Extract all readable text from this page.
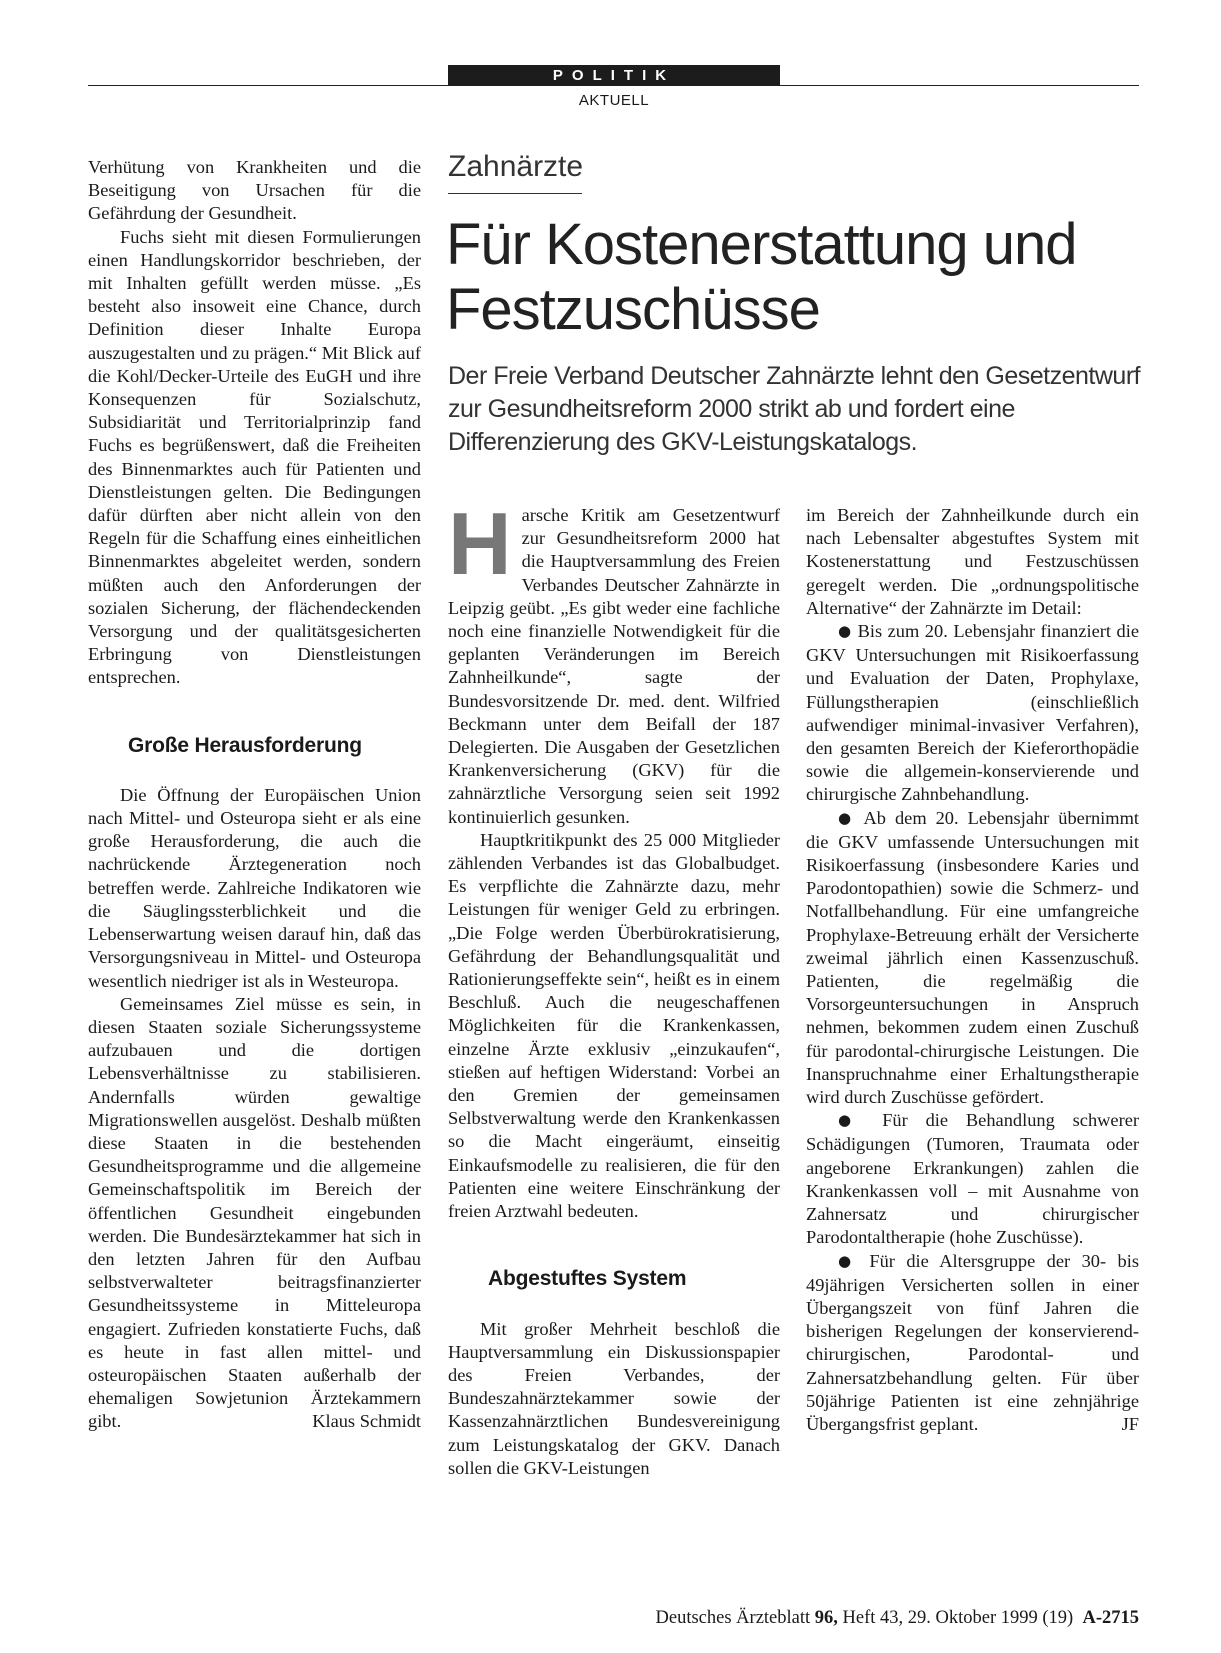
POLITIK
AKTUELL

Verhütung von Krankheiten und die Beseitigung von Ursachen für die Gefährdung der Gesundheit.

Fuchs sieht mit diesen Formulierungen einen Handlungskorridor beschrieben, der mit Inhalten gefüllt werden müsse. „Es besteht also insoweit eine Chance, durch Definition dieser Inhalte Europa auszugestalten und zu prägen.“ Mit Blick auf die Kohl/Decker-Urteile des EuGH und ihre Konsequenzen für Sozialschutz, Subsidiarität und Territorialprinzip fand Fuchs es begrüßenswert, daß die Freiheiten des Binnenmarktes auch für Patienten und Dienstleistungen gelten. Die Bedingungen dafür dürften aber nicht allein von den Regeln für die Schaffung eines einheitlichen Binnenmarktes abgeleitet werden, sondern müßten auch den Anforderungen der sozialen Sicherung, der flächendeckenden Versorgung und der qualitätsgesicherten Erbringung von Dienstleistungen entsprechen.

Große Herausforderung

Die Öffnung der Europäischen Union nach Mittel- und Osteuropa sieht er als eine große Herausforderung, die auch die nachrückende Ärztegeneration noch betreffen werde. Zahlreiche Indikatoren wie die Säuglingssterblichkeit und die Lebenserwartung weisen darauf hin, daß das Versorgungsniveau in Mittel- und Osteuropa wesentlich niedriger ist als in Westeuropa.

Gemeinsames Ziel müsse es sein, in diesen Staaten soziale Sicherungssysteme aufzubauen und die dortigen Lebensverhältnisse zu stabilisieren. Andernfalls würden gewaltige Migrationswellen ausgelöst. Deshalb müßten diese Staaten in die bestehenden Gesundheitsprogramme und die allgemeine Gemeinschaftspolitik im Bereich der öffentlichen Gesundheit eingebunden werden. Die Bundesärztekammer hat sich in den letzten Jahren für den Aufbau selbstverwalteter beitragsfinanzierter Gesundheitssysteme in Mitteleuropa engagiert. Zufrieden konstatierte Fuchs, daß es heute in fast allen mittel- und osteuropäischen Staaten außerhalb der ehemaligen Sowjetunion Ärztekammern gibt.	Klaus Schmidt

Zahnärzte
Für Kostenerstattung und Festzuschüsse
Der Freie Verband Deutscher Zahnärzte lehnt den Gesetzentwurf zur Gesundheitsreform 2000 strikt ab und fordert eine Differenzierung des GKV-Leistungskatalogs.

Harsche Kritik am Gesetzentwurf zur Gesundheitsreform 2000 hat die Hauptversammlung des Freien Verbandes Deutscher Zahnärzte in Leipzig geübt. „Es gibt weder eine fachliche noch eine finanzielle Notwendigkeit für die geplanten Veränderungen im Bereich Zahnheilkunde“, sagte der Bundesvorsitzende Dr. med. dent. Wilfried Beckmann unter dem Beifall der 187 Delegierten. Die Ausgaben der Gesetzlichen Krankenversicherung (GKV) für die zahnärztliche Versorgung seien seit 1992 kontinuierlich gesunken.

Hauptkritikpunkt des 25 000 Mitglieder zählenden Verbandes ist das Globalbudget. Es verpflichte die Zahnärzte dazu, mehr Leistungen für weniger Geld zu erbringen. „Die Folge werden Überbürokratisierung, Gefährdung der Behandlungsqualität und Rationierungseffekte sein“, heißt es in einem Beschluß. Auch die neugeschaffenen Möglichkeiten für die Krankenkassen, einzelne Ärzte exklusiv „einzukaufen“, stießen auf heftigen Widerstand: Vorbei an den Gremien der gemeinsamen Selbstverwaltung werde den Krankenkassen so die Macht eingeräumt, einseitig Einkaufsmodelle zu realisieren, die für den Patienten eine weitere Einschränkung der freien Arztwahl bedeuten.

Abgestuftes System

Mit großer Mehrheit beschloß die Hauptversammlung ein Diskussionspapier des Freien Verbandes, der Bundeszahnärztekammer sowie der Kassenzahnärztlichen Bundesvereinigung zum Leistungskatalog der GKV. Danach sollen die GKV-Leistungen

im Bereich der Zahnheilkunde durch ein nach Lebensalter abgestuftes System mit Kostenerstattung und Festzuschüssen geregelt werden. Die „ordnungspolitische Alternative“ der Zahnärzte im Detail:

● Bis zum 20. Lebensjahr finanziert die GKV Untersuchungen mit Risikoerfassung und Evaluation der Daten, Prophylaxe, Füllungstherapien (einschließlich aufwendiger minimal-invasiver Verfahren), den gesamten Bereich der Kieferorthopädie sowie die allgemein-konservierende und chirurgische Zahnbehandlung.

● Ab dem 20. Lebensjahr übernimmt die GKV umfassende Untersuchungen mit Risikoerfassung (insbesondere Karies und Parodontopathien) sowie die Schmerz- und Notfallbehandlung. Für eine umfangreiche Prophylaxe-Betreuung erhält der Versicherte zweimal jährlich einen Kassenzuschuß. Patienten, die regelmäßig die Vorsorgeuntersuchungen in Anspruch nehmen, bekommen zudem einen Zuschuß für parodontal-chirurgische Leistungen. Die Inanspruchnahme einer Erhaltungstherapie wird durch Zuschüsse gefördert.

● Für die Behandlung schwerer Schädigungen (Tumoren, Traumata oder angeborene Erkrankungen) zahlen die Krankenkassen voll – mit Ausnahme von Zahnersatz und chirurgischer Parodontaltherapie (hohe Zuschüsse).

● Für die Altersgruppe der 30- bis 49jährigen Versicherten sollen in einer Übergangszeit von fünf Jahren die bisherigen Regelungen der konservierend-chirurgischen, Parodontal- und Zahnersatzbehandlung gelten. Für über 50jährige Patienten ist eine zehnjährige Übergangsfrist geplant.	JF

Deutsches Ärzteblatt 96, Heft 43, 29. Oktober 1999 (19) A-2715
